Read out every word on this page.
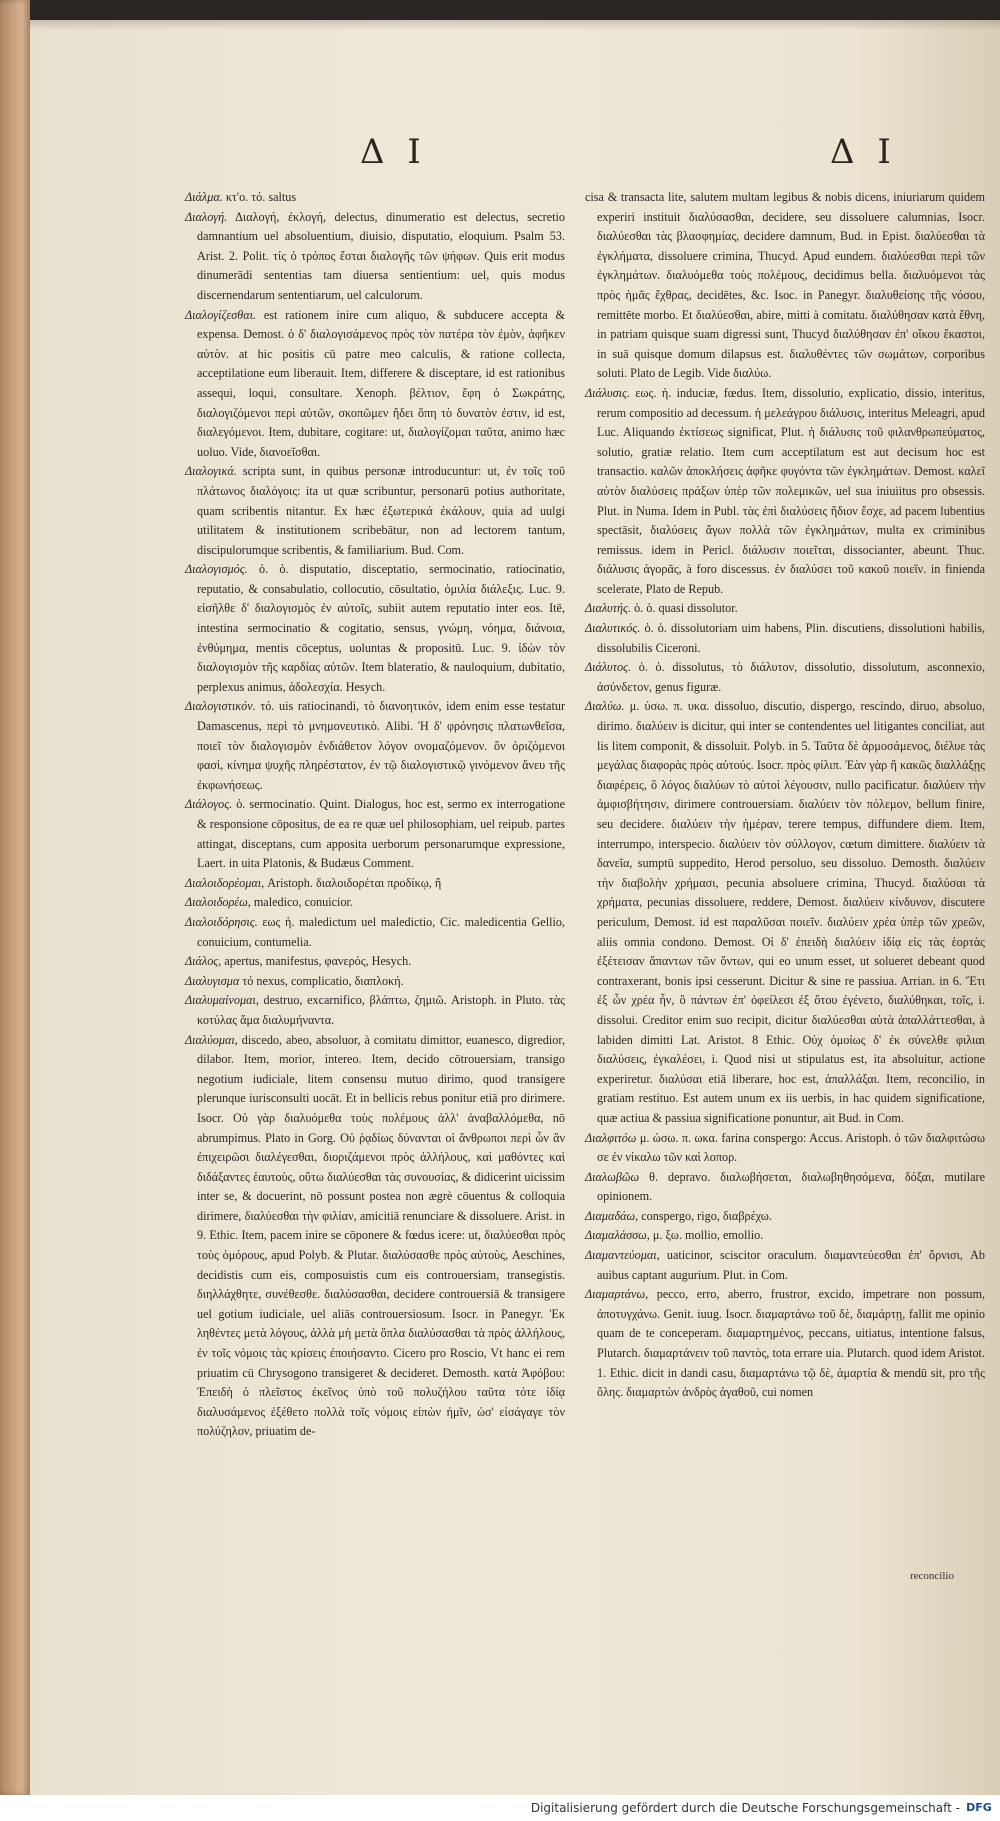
Δ Ι	Δ Ι

Διάλμα. κτ'ο. τό. saltus

Διαλογή. Διαλογή, ἐκλογή, delectus, dinumeratio est delectus, secretio damnantium uel absoluentium, diuisio, disputatio, eloquium. Psalm 53. Arist. 2. Polit. τίς ὁ τρόπος ἔσται διαλογῆς τῶν ψήφων. Quis erit modus dinumerādi sententias tam diuersa sentientium: uel, quis modus discernendarum sententiarum, uel calculorum.

Διαλογίζεσθαι. est rationem inire cum aliquo, & subducere accepta & expensa. Demost. ὁ δ' διαλογισάμενος πρὸς τὸν πατέρα τὸν ἐμὸν, ἀφῆκεν αὐτὸν. at hic positis cū patre meo calculis, & ratione collecta, acceptilatione eum liberauit. Item, differere & disceptare, id est rationibus assequi, loqui, consultare. Xenoph. βέλτιον, ἔφη ὁ Σωκράτης, διαλογιζόμενοι περὶ αὐτῶν, σκοπῶμεν ἤδει ὅπη τὸ δυνατὸν ἐστιν, id est, διαλεγόμενοι. Item, dubitare, cogitare: ut, διαλογίζομαι ταῦτα, animo hæc uoluo. Vide, διανοεῖσθαι.

Διαλογικά. scripta sunt, in quibus personæ introducuntur: ut, ἐν τοῖς τοῦ πλάτωνος διαλόγοις: ita ut quæ scribuntur, personarū potius authoritate, quam scribentis nitantur. Ex hæc ἐξωτερικά ἐκάλουν, quia ad uulgi utilitatem & institutionem scribebātur, non ad lectorem tantum, discipulorumque scribentis, & familiarium. Bud. Com.

Διαλογισμός. ὁ. ὁ. disputatio, disceptatio, sermocinatio, ratiocinatio, reputatio, & consabulatio, collocutio, cōsultatio, ὁμιλία διάλεξις. Luc. 9. εἰσῆλθε δ' διαλογισμὸς ἐν αὐτοῖς, subiit autem reputatio inter eos. Itē, intestina sermocinatio & cogitatio, sensus, γνώμη, νόημα, διάνοια, ἐνθύμημα, mentis cōceptus, uoluntas & propositū. Luc. 9. ἰδὼν τὸν διαλογισμὸν τῆς καρδίας αὐτῶν. Item blateratio, & nauloquium, dubitatio, perplexus animus, ἀδολεσχία. Hesych.

Διαλογιστικόν. τό. uis ratiocinandi, τὸ διανοητικόν, idem enim esse testatur Damascenus, περὶ τὸ μνημονευτικὸ. Alibi. Ἡ δ' φρόνησις πλατωνθεῖσα, ποιεῖ τὸν διαλογισμὸν ἐνδιάθετον λόγον ονομαζόμενον. ὅν ὁριζόμενοι φασὶ, κίνημα ψυχῆς πληρέστατον, ἐν τῷ διαλογιστικῷ γινόμενον ἄνευ τῆς ἐκφωνήσεως.

Διάλογος. ὁ. sermocinatio. Quint. Dialogus, hoc est, sermo ex interrogatione & responsione cōpositus, de ea re quæ uel philosophiam, uel reipub. partes attingat, disceptans, cum apposita uerborum personarumque expressione, Laert. in uita Platonis, & Budæus Comment.

Διαλοιδορέομαι, Aristoph. διαλοιδορέται προδίκῳ, ἤ

Διαλοιδορέω, maledico, conuicior.

Διαλοιδόρησις. εως ἡ. maledictum uel maledictio, Cic. maledicentia Gellio, conuicium, contumelia.

Διάλος, apertus, manifestus, φανερός, Hesych.

Διαλυγισμα τό nexus, complicatio, διαπλοκή.

Διαλυμαίνομαι, destruo, excarnifico, βλάπτω, ζημιῶ. Aristoph. in Pluto. τὰς κοτύλας ἅμα διαλυμήναντα.

Διαλύομαι, discedo, abeo, absoluor, à comitatu dimittor, euanesco, digredior, dilabor. Item, morior, intereo. Item, decido cōtrouersiam, transigo negotium iudiciale, litem consensu mutuo dirimo, quod transigere plerunque iurisconsulti uocāt. Et in bellicis rebus ponitur etiā pro dirimere. Isocr. Οὐ γὰρ διαλυόμεθα τοὺς πολέμους ἀλλ' ἀναβαλλόμεθα, nō abrumpimus. Plato in Gorg. Οὐ ῥᾳδίως δύνανται οἱ ἄνθρωποι περὶ ὧν ἂν ἐπιχειρῶσι διαλέγεσθαι, διοριζάμενοι πρὸς ἀλλήλους, καὶ μαθόντες καὶ διδάξαντες ἑαυτοὺς, οὕτω διαλύεσθαι τὰς συνουσίας, & didicerint uicissim inter se, & docuerint, nō possunt postea non ægrè cōuentus & colloquia dirimere, διαλύεσθαι τὴν φιλίαν, amicitiā renunciare & dissoluere. Arist. in 9. Ethic. Item, pacem inire se cōponere & fœdus icere: ut, διαλύεσθαι πρὸς τοὺς ὁμόρους, apud Polyb. & Plutar. διαλύσασθε πρὸς αὐτοὺς, Aeschines, decidistis cum eis, composuistis cum eis controuersiam, transegistis. διηλλάχθητε, συνέθεσθε. διαλύσασθαι, decidere controuersiā & transigere uel gotium iudiciale, uel aliās controuersiosum. Isocr. in Panegyr. Ἐκ ληθέντες μετὰ λόγους, ἀλλὰ μὴ μετὰ ὅπλα διαλύσασθαι τὰ πρὸς ἀλλήλους, ἐν τοῖς νόμοις τὰς κρίσεις ἐποιήσαντο. Cicero pro Roscio, Vt hanc ei rem priuatim cū Chrysogono transigeret & decideret. Demosth. κατὰ Ἀφόβου: Ἐπειδὴ ὁ πλεῖστος ἐκεῖνος ὑπὸ τοῦ πολυζήλου ταῦτα τότε ἰδίᾳ διαλυσάμενος ἐξέθετο πολλὰ τοῖς νόμοις εἰπὼν ἡμῖν, ὡσ' εἰσάγαγε τὸν πολύζηλον, priuatim de-

cisa & transacta lite, salutem multam legibus & nobis dicens, iniuriarum quidem experiri instituit διαλύσασθαι, decidere, seu dissoluere calumnias, Isocr. διαλύεσθαι τὰς βλασφημίας, decidere damnum, Bud. in Epist. διαλύεσθαι τὰ ἐγκλήματα, dissoluere crimina, Thucyd. Apud eundem. διαλύεσθαι περὶ τῶν ἐγκλημάτων. διαλυόμεθα τοὺς πολέμους, decidimus bella. διαλυόμενοι τὰς πρὸς ἡμᾶς ἔχθρας, decidētes, &c. Isoc. in Panegyr. διαλυθείσης τῆς νόσου, remittēte morbo. Et διαλύεσθαι, abire, mitti à comitatu. διαλύθησαν κατὰ ἔθνη, in patriam quisque suam digressi sunt, Thucyd διαλύθησαν ἐπ' οἴκου ἕκαστοι, in suā quisque domum dilapsus est. διαλυθέντες τῶν σωμάτων, corporibus soluti. Plato de Legib. Vide διαλύω.

Διάλυσις. εως. ἡ. induciæ, fœdus. Item, dissolutio, explicatio, dissio, interitus, rerum compositio ad decessum. ἡ μελεάγρου διάλυσις, interitus Meleagri, apud Luc. Aliquando ἐκτίσεως significat, Plut. ἡ διάλυσις τοῦ φιλανθρωπεύματος, solutio, gratiæ relatio. Item cum acceptilatum est aut decisum hoc est transactio. καλῶν ἀποκλήσεις ἀφῆκε φυγόντα τῶν ἐγκλημάτων. Demost. καλεῖ αὐτὸν διαλύσεις πράξων ὑπὲρ τῶν πολεμικῶν, uel sua iniuiitus pro obsessis. Plut. in Numa. Idem in Publ. τὰς ἐπὶ διαλύσεις ἥδιον ἔσχε, ad pacem lubentius spectāsit, διαλύσεις ἄγων πολλὰ τῶν ἐγκλημάτων, multa ex criminibus remissus. idem in Pericl. διάλυσιν ποιεῖται, dissocianter, abeunt. Thuc. διάλυσις ἀγορᾶς, à foro discessus. ἐν διαλύσει τοῦ κακοῦ ποιεῖν. in finienda scelerate, Plato de Repub.

Διαλυτής. ὁ. ὁ. quasi dissolutor.

Διαλυτικός. ὁ. ὁ. dissolutoriam uim habens, Plin. discutiens, dissolutioni habilis, dissolubilis Ciceroni.

Διάλυτος. ὁ. ὁ. dissolutus, τὸ διάλυτον, dissolutio, dissolutum, asconnexio, ἀσύνδετον, genus figuræ.

Διαλύω. μ. ύσω. π. υκα. dissoluo, discutio, dispergo, rescindo, diruo, absoluo, dirimo. διαλύειν is dicitur, qui inter se contendentes uel litigantes conciliat, aut lis litem componit, & dissoluit. Polyb. in 5. Ταῦτα δὲ ἁρμοσάμενος, διέλυε τὰς μεγάλας διαφορὰς πρὸς αὐτούς. Isocr. πρὸς φίλιπ. Ἐὰν γὰρ ἢ κακῶς διαλλάξῃς διαφέρεις, ὃ λόγος διαλύων τὸ αὐτοὶ λέγουσιν, nullo pacificatur. διαλύειν τὴν ἀμφισβήτησιν, dirimere controuersiam. διαλύειν τὸν πόλεμον, bellum finire, seu decidere. διαλύειν τὴν ἡμέραν, terere tempus, diffundere diem. Item, interrumpo, interspecio. διαλύειν τὸν σύλλογον, cœtum dimittere. διαλύειν τὰ δανεῖα, sumptū suppedito, Herod persoluo, seu dissoluo. Demosth. διαλύειν τὴν διαβολὴν χρήμασι, pecunia absoluere crimina, Thucyd. διαλύσαι τὰ χρήματα, pecunias dissoluere, reddere, Demost. διαλύειν κίνδυνον, discutere periculum, Demost. id est παραλῦσαι ποιεῖν. διαλύειν χρέα ὑπὲρ τῶν χρεῶν, aliis omnia condono. Demost. Οἱ δ' ἐπειδὴ διαλύειν ἰδίᾳ εἰς τὰς ἑορτὰς ἐξέτεισαν ἅπαντων τῶν ὄντων, qui eo unum esset, ut solueret debeant quod contraxerant, bonis ipsi cesserunt. Dicitur & sine re passiua. Arrian. in 6. Ἔτι ἐξ ὧν χρέα ἦν, ὃ πάντων ἐπ' ὀφείλεσι ἐξ ὅτου ἐγένετο, διαλύθηκαι, τοῖς, i. dissolui. Creditor enim suo recipit, dicitur διαλύεσθαι αὐτὰ ἀπαλλάττεσθαι, à labiden dimitti Lat. Aristot. 8 Ethic. Οὐχ ὁμοίως δ' ἐκ σύνελθε φιλιαι διαλύσεις, ἐγκαλέσει, i. Quod nisi ut stipulatus est, ita absoluitur, actione experiretur. διαλύσαι etiā liberare, hoc est, ἀπαλλάξαι. Item, reconcilio, in gratiam restituo. Est autem unum ex iis uerbis, in hac quidem significatione, quæ actiua & passiua significatione ponuntur, ait Bud. in Com.

Διαλφιτόω μ. ώσω. π. ωκα. farina conspergo: Accus. Aristoph. ὁ τῶν διαλφιτώσω σε ἐν νίκαλω τῶν καὶ λοπορ.

Διαλωβῶω θ. depravo. διαλωβήσεται, διαλωβηθησόμενα, δόξαι, mutilare opinionem.

Διαμαδάω, conspergo, rigo, διαβρέχω.

Διαμαλάσσω, μ. ξω. mollio, emollio.

Διαμαντεύομαι, uaticinor, sciscitor oraculum. διαμαντεύεσθαι ἐπ' ὄρνισι, Ab auibus captant augurium. Plut. in Com.

Διαμαρτάνω, pecco, erro, aberro, frustror, excido, impetrare non possum, ἀποτυγχάνω. Genit. iuug. Isocr. διαμαρτάνω τοῦ δὲ, διαμάρτῃ, fallit me opinio quam de te conceperam. διαμαρτημένος, peccans, uitiatus, intentione falsus, Plutarch. διαμαρτάνειν τοῦ παντὸς, tota errare uia. Plutarch. quod idem Aristot. 1. Ethic. dicit in dandi casu, διαμαρτάνω τῷ δὲ, ἁμαρτία & mendū sit, pro τῆς ὅλης. διαμαρτὼν ἀνδρὸς ἀγαθοῦ, cui nomen

reconcilio
Digitalisierung gefördert durch die Deutsche Forschungsgemeinschaft - DFG
